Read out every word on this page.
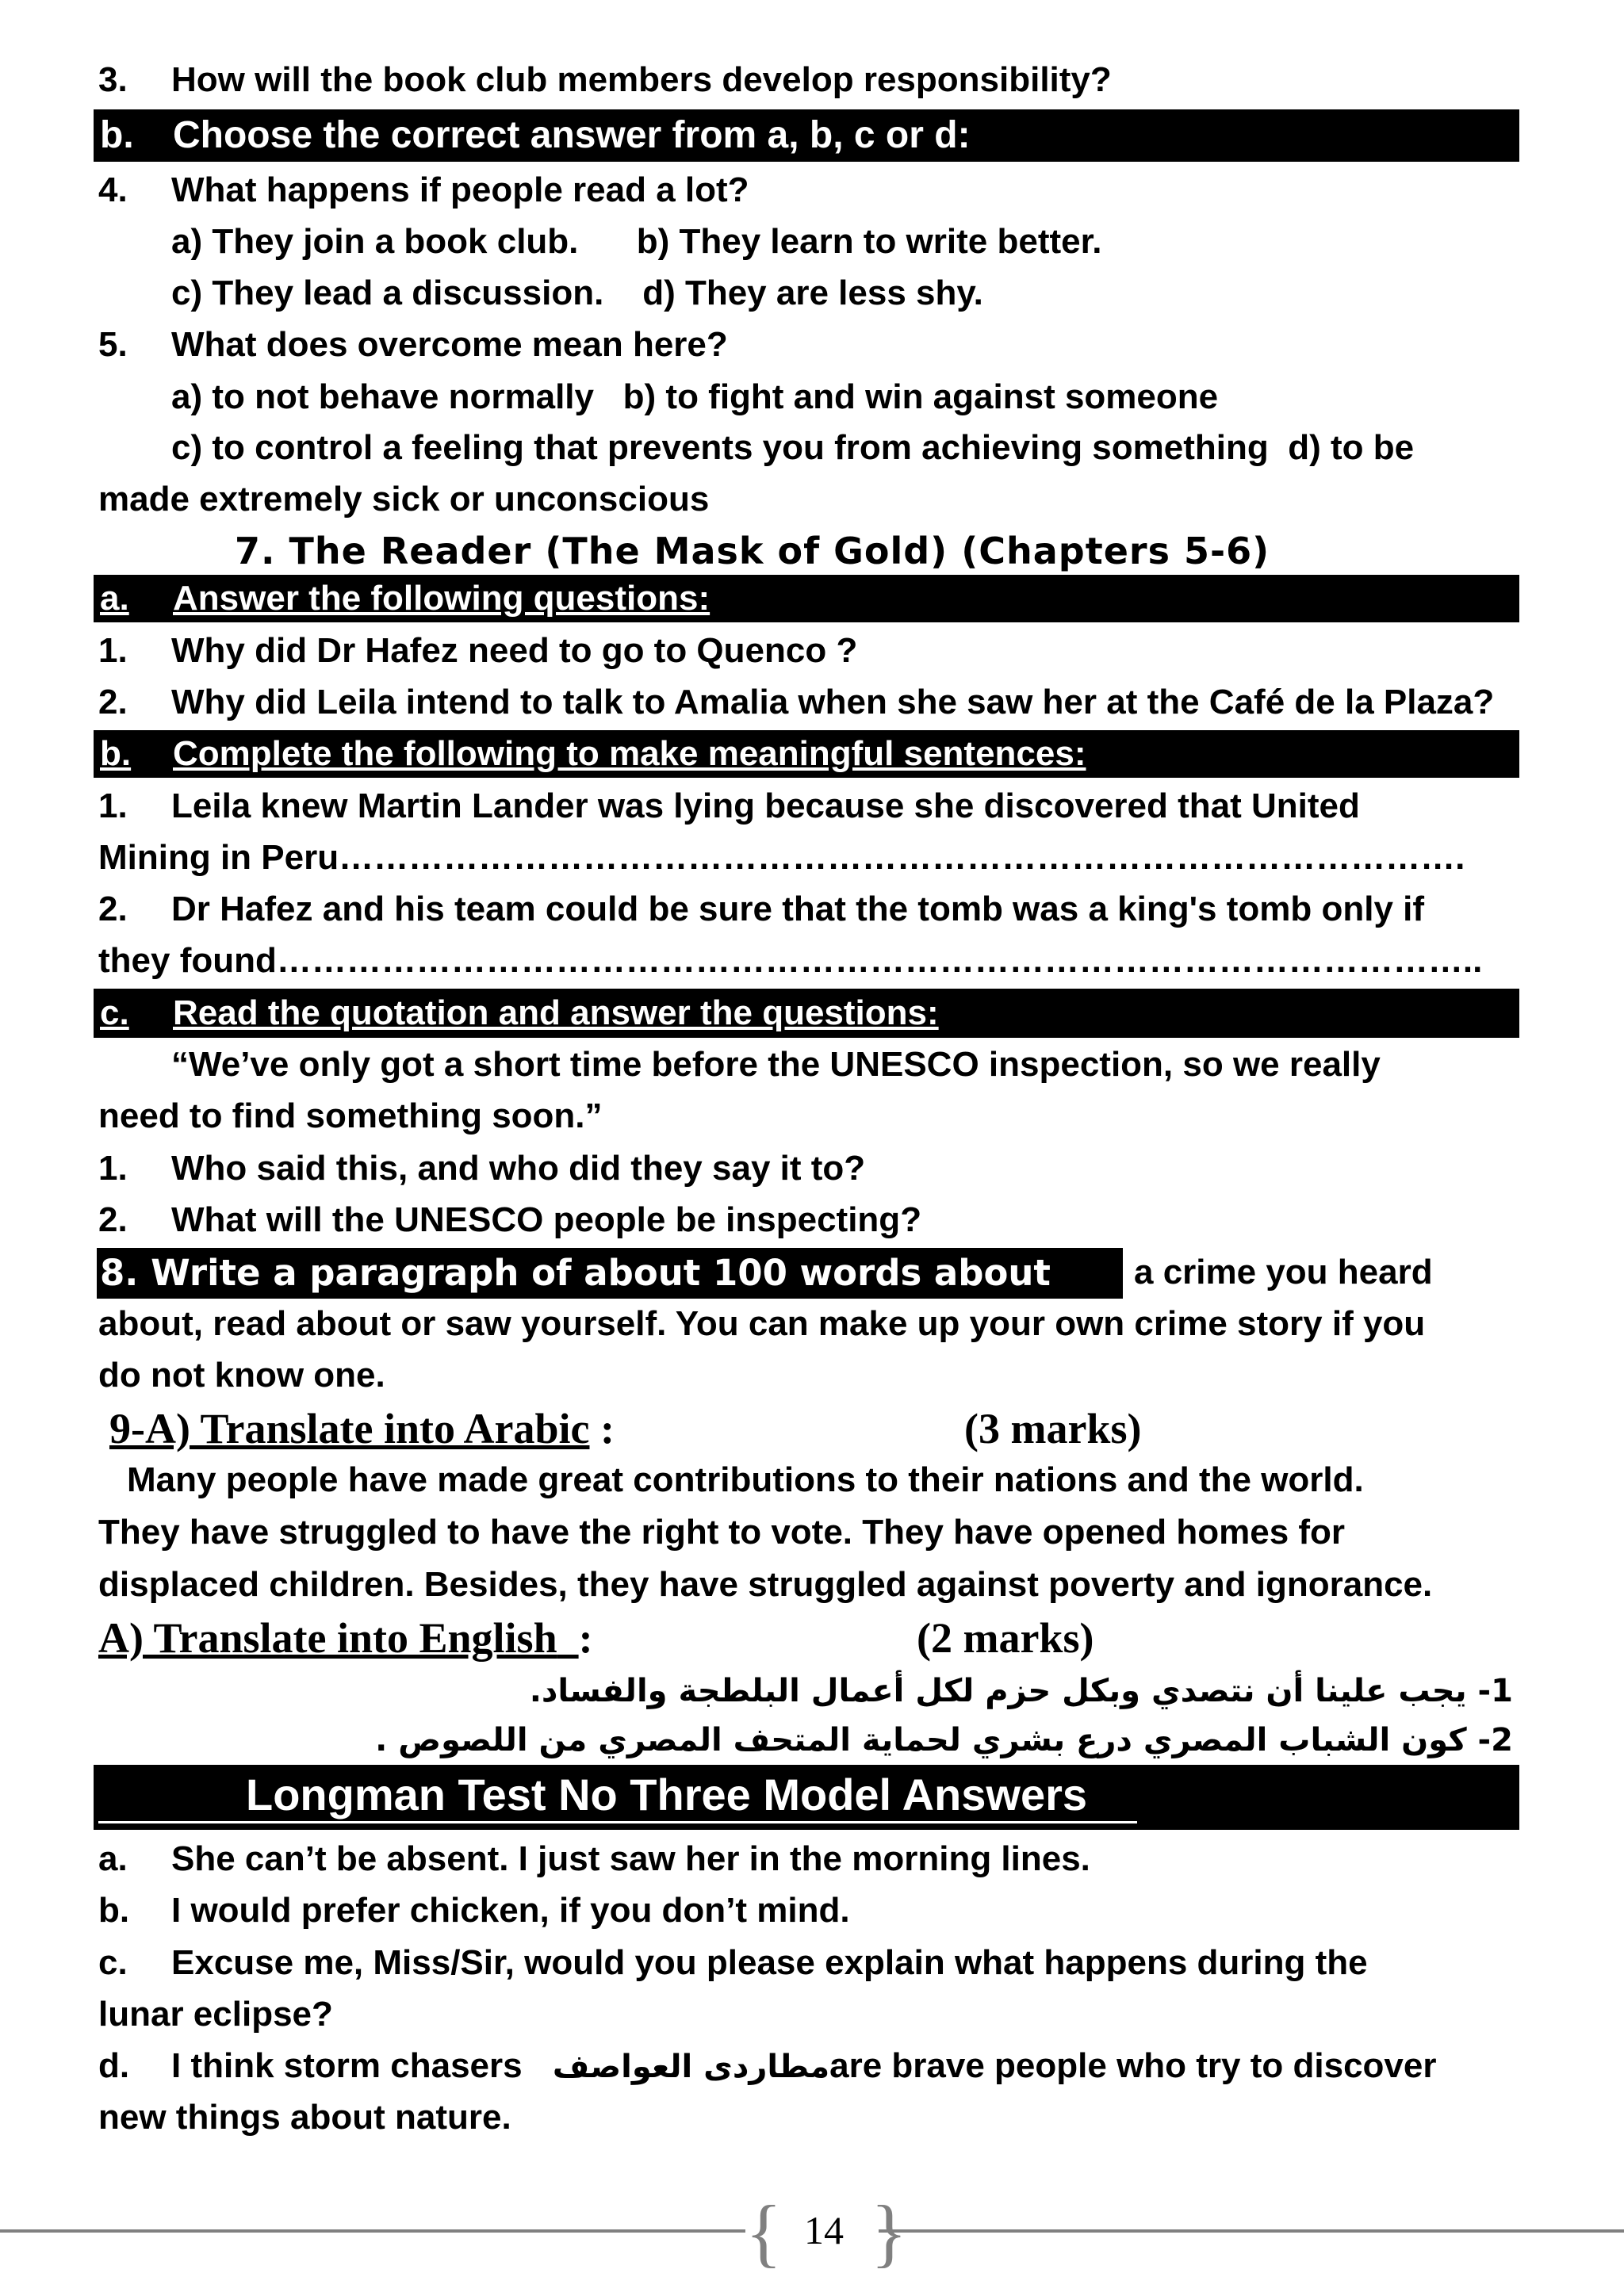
3. How will the book club members develop responsibility?
b. Choose the correct answer from a, b, c or d:
4. What happens if people read a lot?
a) They join a book club.      b) They learn to write better.
c) They lead a discussion.    d) They are less shy.
5. What does overcome mean here?
a) to not behave normally   b) to fight and win against someone
c) to control a feeling that prevents you from achieving something  d) to be
made extremely sick or unconscious
7. The Reader (The Mask of Gold) (Chapters 5-6)
a. Answer the following questions:
1. Why did Dr Hafez need to go to Quenco ?
2. Why did Leila intend to talk to Amalia when she saw her at the Café de la Plaza?
b. Complete the following to make meaningful sentences:
1. Leila knew Martin Lander was lying because she discovered that United
Mining in Peru…………………………………………………………………………………….
2. Dr Hafez and his team could be sure that the tomb was a king's tomb only if
they found…………………………………………………………………………………………..
c. Read the quotation and answer the questions:
“We’ve only got a short time before the UNESCO inspection, so we really
need to find something soon.”
1. Who said this, and who did they say it to?
2. What will the UNESCO people be inspecting?
8. Write a paragraph of about 100 words about a crime you heard
about, read about or saw yourself. You can make up your own crime story if you
do not know one.
9-A) Translate into Arabic :	(3 marks)
Many people have made great contributions to their nations and the world.
They have struggled to have the right to vote. They have opened homes for
displaced children. Besides, they have struggled against poverty and ignorance.
A) Translate into English :	(2 marks)
1- يجب علينا أن نتصدي وبكل حزم لكل أعمال البلطجة والفساد.
2- كون الشباب المصري درع بشري لحماية المتحف المصري من اللصوص .
Longman Test No Three Model Answers
a. She can’t be absent. I just saw her in the morning lines.
b. I would prefer chicken, if you don’t mind.
c. Excuse me, Miss/Sir, would you please explain what happens during the
lunar eclipse?
d. I think storm chasers مطاردى العواصفare brave people who try to discover
new things about nature.
{ }
14
